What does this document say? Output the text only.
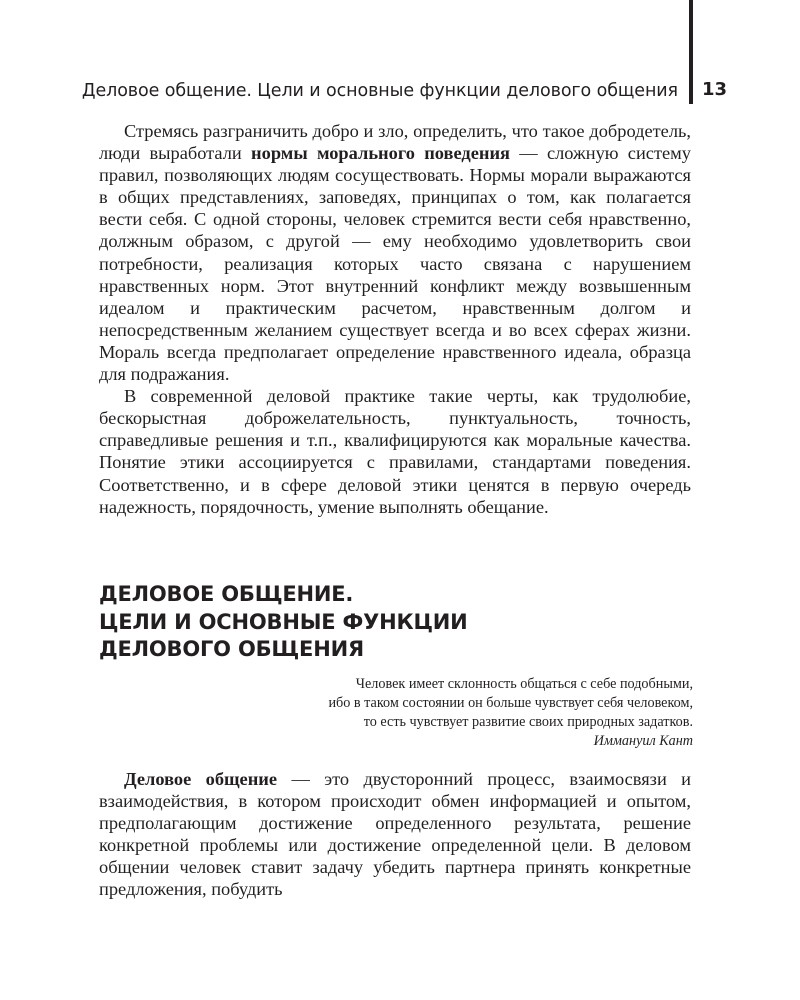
Деловое общение. Цели и основные функции делового общения 13

Стремясь разграничить добро и зло, определить, что такое добродетель, люди выработали нормы морального поведения — сложную систему правил, позволяющих людям сосуществовать. Нормы морали выражаются в общих представлениях, заповедях, принципах о том, как полагается вести себя. С одной стороны, человек стремится вести себя нравственно, должным образом, с другой — ему необходимо удовлетворить свои потребности, реализация которых часто связана с нарушением нравственных норм. Этот внутренний конфликт между возвышенным идеалом и практическим расчетом, нравственным долгом и непосредственным желанием существует всегда и во всех сферах жизни. Мораль всегда предполагает определение нравственного идеала, образца для подражания.

В современной деловой практике такие черты, как трудолюбие, бескорыстная доброжелательность, пунктуальность, точность, справедливые решения и т.п., квалифицируются как моральные качества. Понятие этики ассоциируется с правилами, стандартами поведения. Соответственно, и в сфере деловой этики ценятся в первую очередь надежность, порядочность, умение выполнять обещание.

ДЕЛОВОЕ ОБЩЕНИЕ.
ЦЕЛИ И ОСНОВНЫЕ ФУНКЦИИ
ДЕЛОВОГО ОБЩЕНИЯ
Человек имеет склонность общаться с себе подобными,
ибо в таком состоянии он больше чувствует себя человеком,
то есть чувствует развитие своих природных задатков.
Иммануил Кант

Деловое общение — это двусторонний процесс, взаимосвязи и взаимодействия, в котором происходит обмен информацией и опытом, предполагающим достижение определенного результата, решение конкретной проблемы или достижение определенной цели. В деловом общении человек ставит задачу убедить партнера принять конкретные предложения, побудить
